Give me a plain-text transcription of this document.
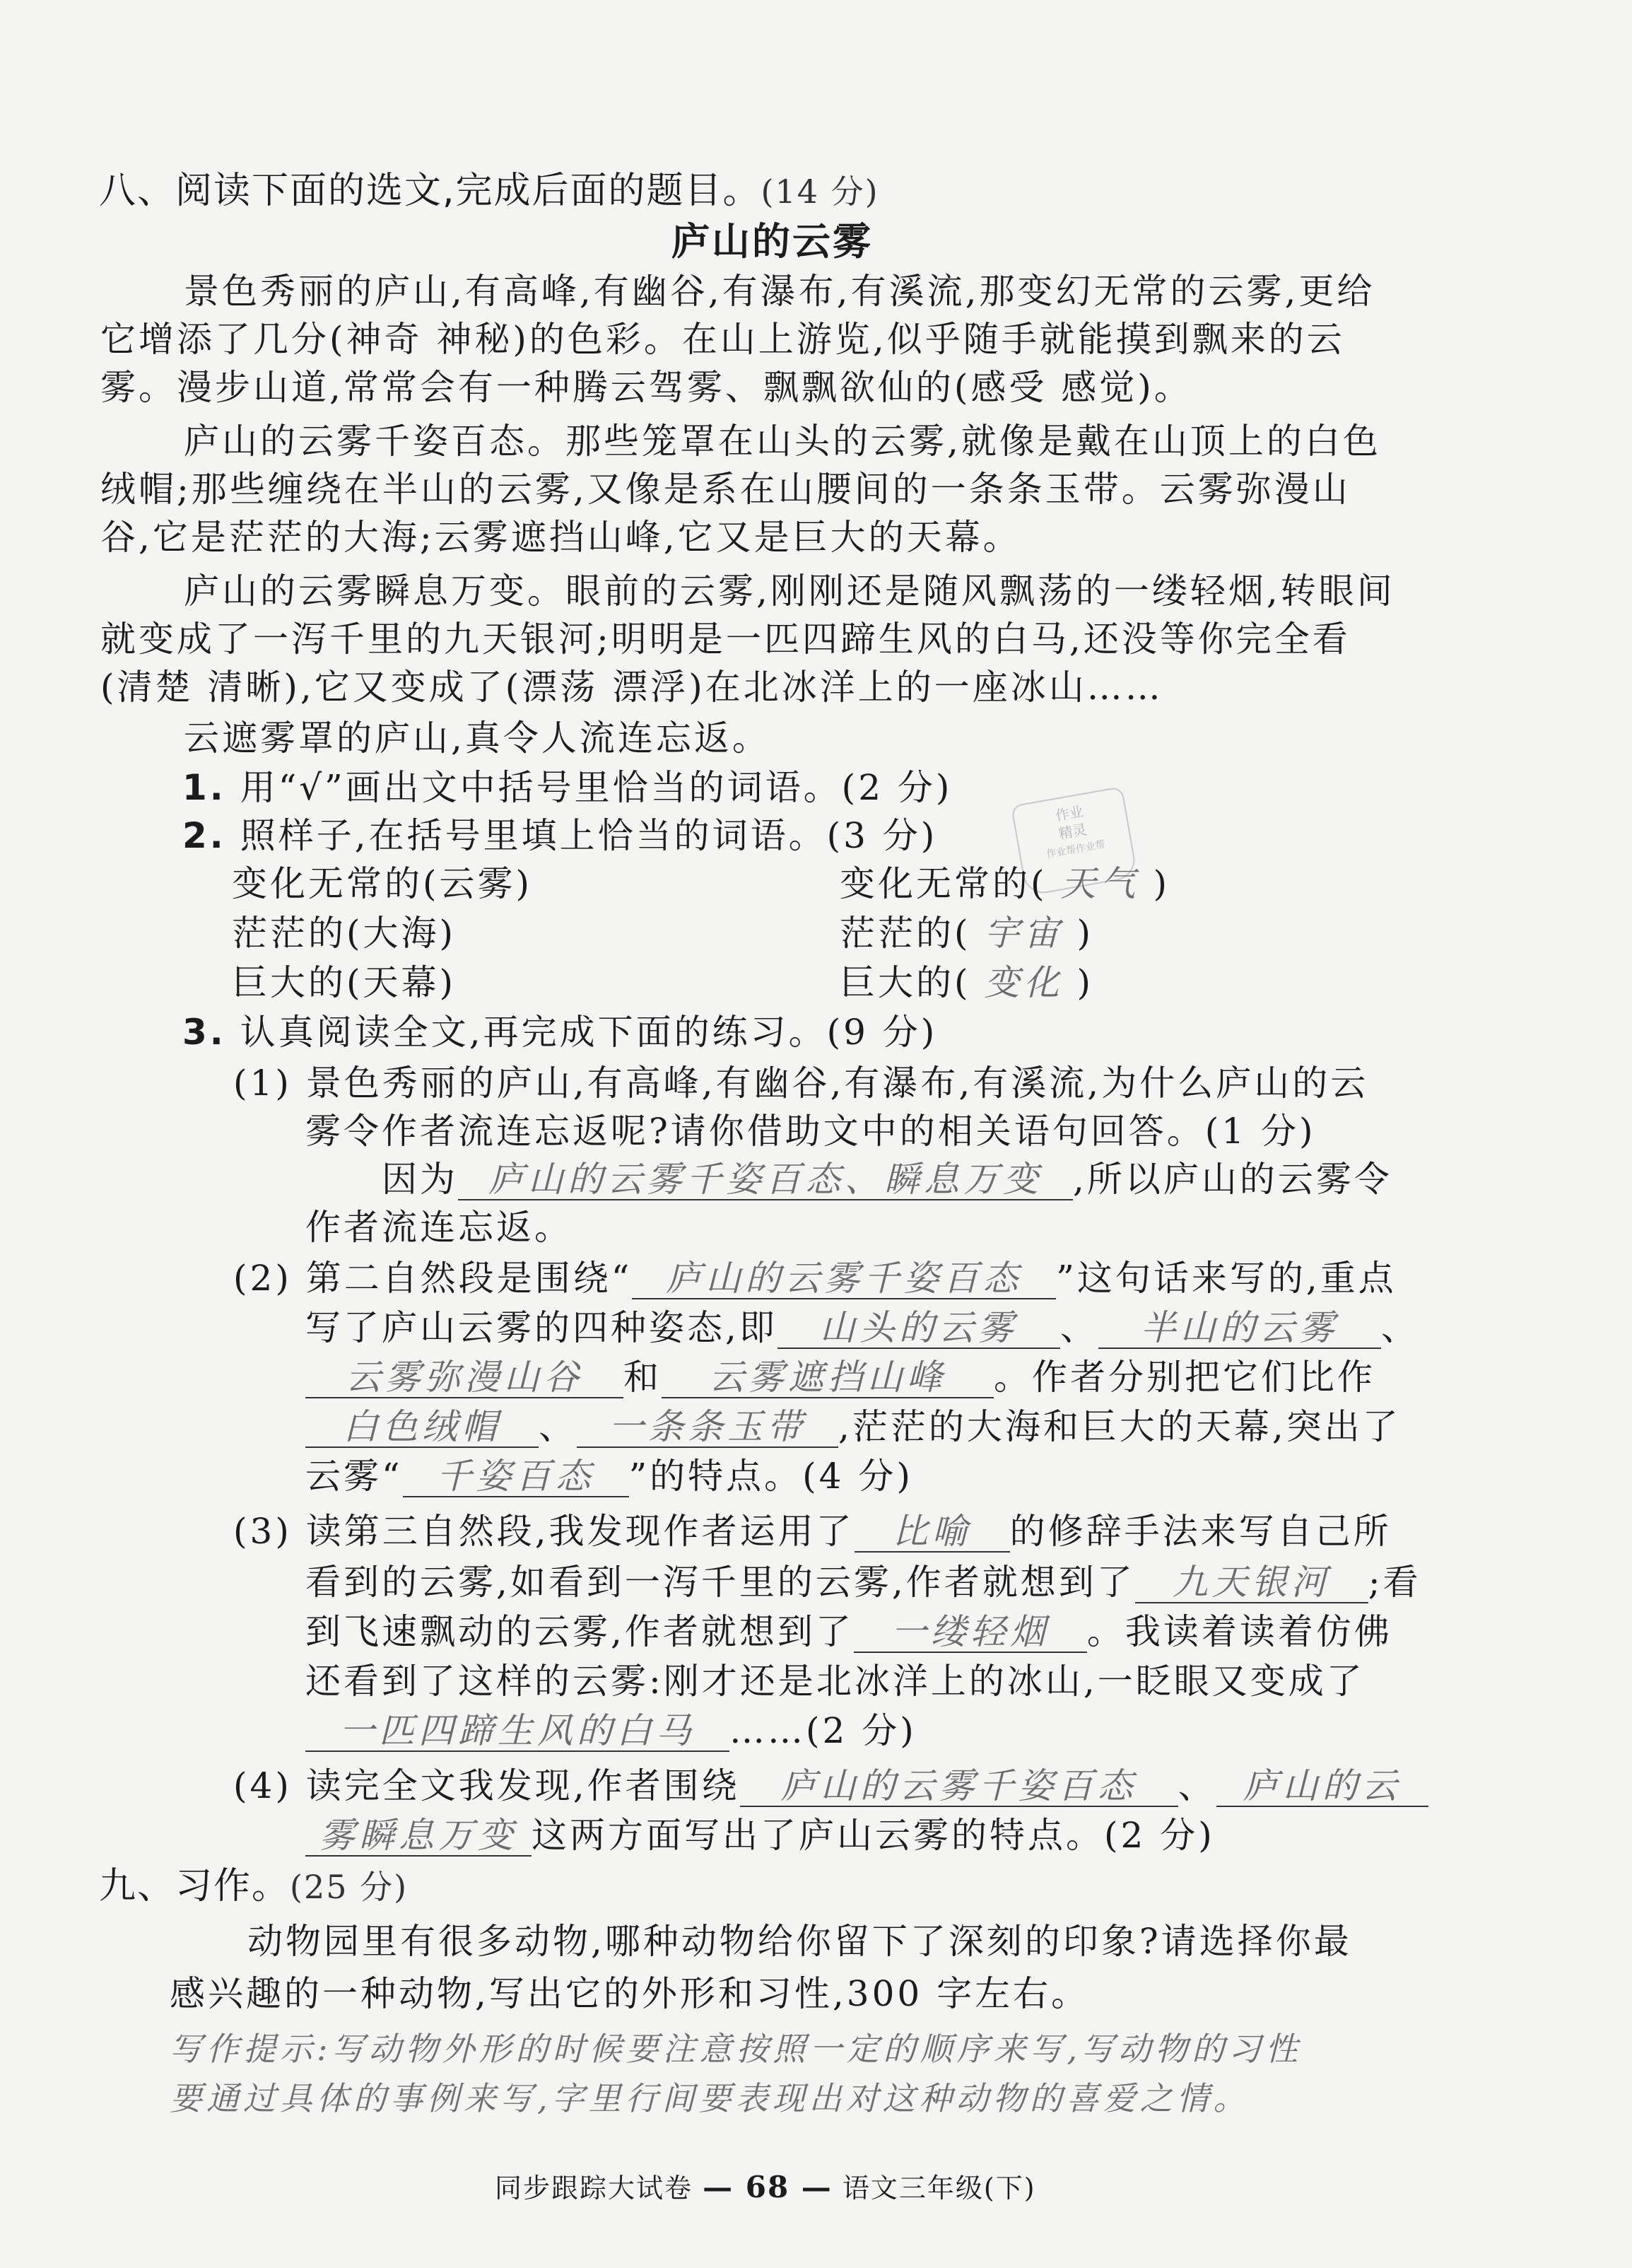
八、阅读下面的选文,完成后面的题目。(14 分)
庐山的云雾
景色秀丽的庐山,有高峰,有幽谷,有瀑布,有溪流,那变幻无常的云雾,更给
它增添了几分(神奇 神秘)的色彩。在山上游览,似乎随手就能摸到飘来的云
雾。漫步山道,常常会有一种腾云驾雾、飘飘欲仙的(感受 感觉)。
庐山的云雾千姿百态。那些笼罩在山头的云雾,就像是戴在山顶上的白色
绒帽;那些缠绕在半山的云雾,又像是系在山腰间的一条条玉带。云雾弥漫山
谷,它是茫茫的大海;云雾遮挡山峰,它又是巨大的天幕。
庐山的云雾瞬息万变。眼前的云雾,刚刚还是随风飘荡的一缕轻烟,转眼间
就变成了一泻千里的九天银河;明明是一匹四蹄生风的白马,还没等你完全看
(清楚 清晰),它又变成了(漂荡 漂浮)在北冰洋上的一座冰山……
云遮雾罩的庐山,真令人流连忘返。
1. 用“√”画出文中括号里恰当的词语。(2 分)
2. 照样子,在括号里填上恰当的词语。(3 分)
作业
精灵
作业帮作业帮
变化无常的(云雾)
茫茫的(大海)
巨大的(天幕)
变化无常的( 天气 )
茫茫的( 宇宙 )
巨大的( 变化 )
3. 认真阅读全文,再完成下面的练习。(9 分)
(1) 景色秀丽的庐山,有高峰,有幽谷,有瀑布,有溪流,为什么庐山的云
雾令作者流连忘返呢?请你借助文中的相关语句回答。(1 分)
因为 庐山的云雾千姿百态、瞬息万变 ,所以庐山的云雾令
作者流连忘返。
(2) 第二自然段是围绕“ 庐山的云雾千姿百态 ”这句话来写的,重点
写了庐山云雾的四种姿态,即 山头的云雾 、 半山的云雾 、
云雾弥漫山谷 和 云雾遮挡山峰 。作者分别把它们比作
白色绒帽 、 一条条玉带 ,茫茫的大海和巨大的天幕,突出了
云雾“ 千姿百态 ”的特点。(4 分)
(3) 读第三自然段,我发现作者运用了 比喻 的修辞手法来写自己所
看到的云雾,如看到一泻千里的云雾,作者就想到了 九天银河 ;看
到飞速飘动的云雾,作者就想到了 一缕轻烟 。我读着读着仿佛
还看到了这样的云雾:刚才还是北冰洋上的冰山,一眨眼又变成了
一匹四蹄生风的白马 ……(2 分)
(4) 读完全文我发现,作者围绕 庐山的云雾千姿百态 、 庐山的云
雾瞬息万变 这两方面写出了庐山云雾的特点。(2 分)
九、习作。(25 分)
动物园里有很多动物,哪种动物给你留下了深刻的印象?请选择你最
感兴趣的一种动物,写出它的外形和习性,300 字左右。
写作提示:写动物外形的时候要注意按照一定的顺序来写,写动物的习性
要通过具体的事例来写,字里行间要表现出对这种动物的喜爱之情。
同步跟踪大试卷 — 68 — 语文三年级(下)
